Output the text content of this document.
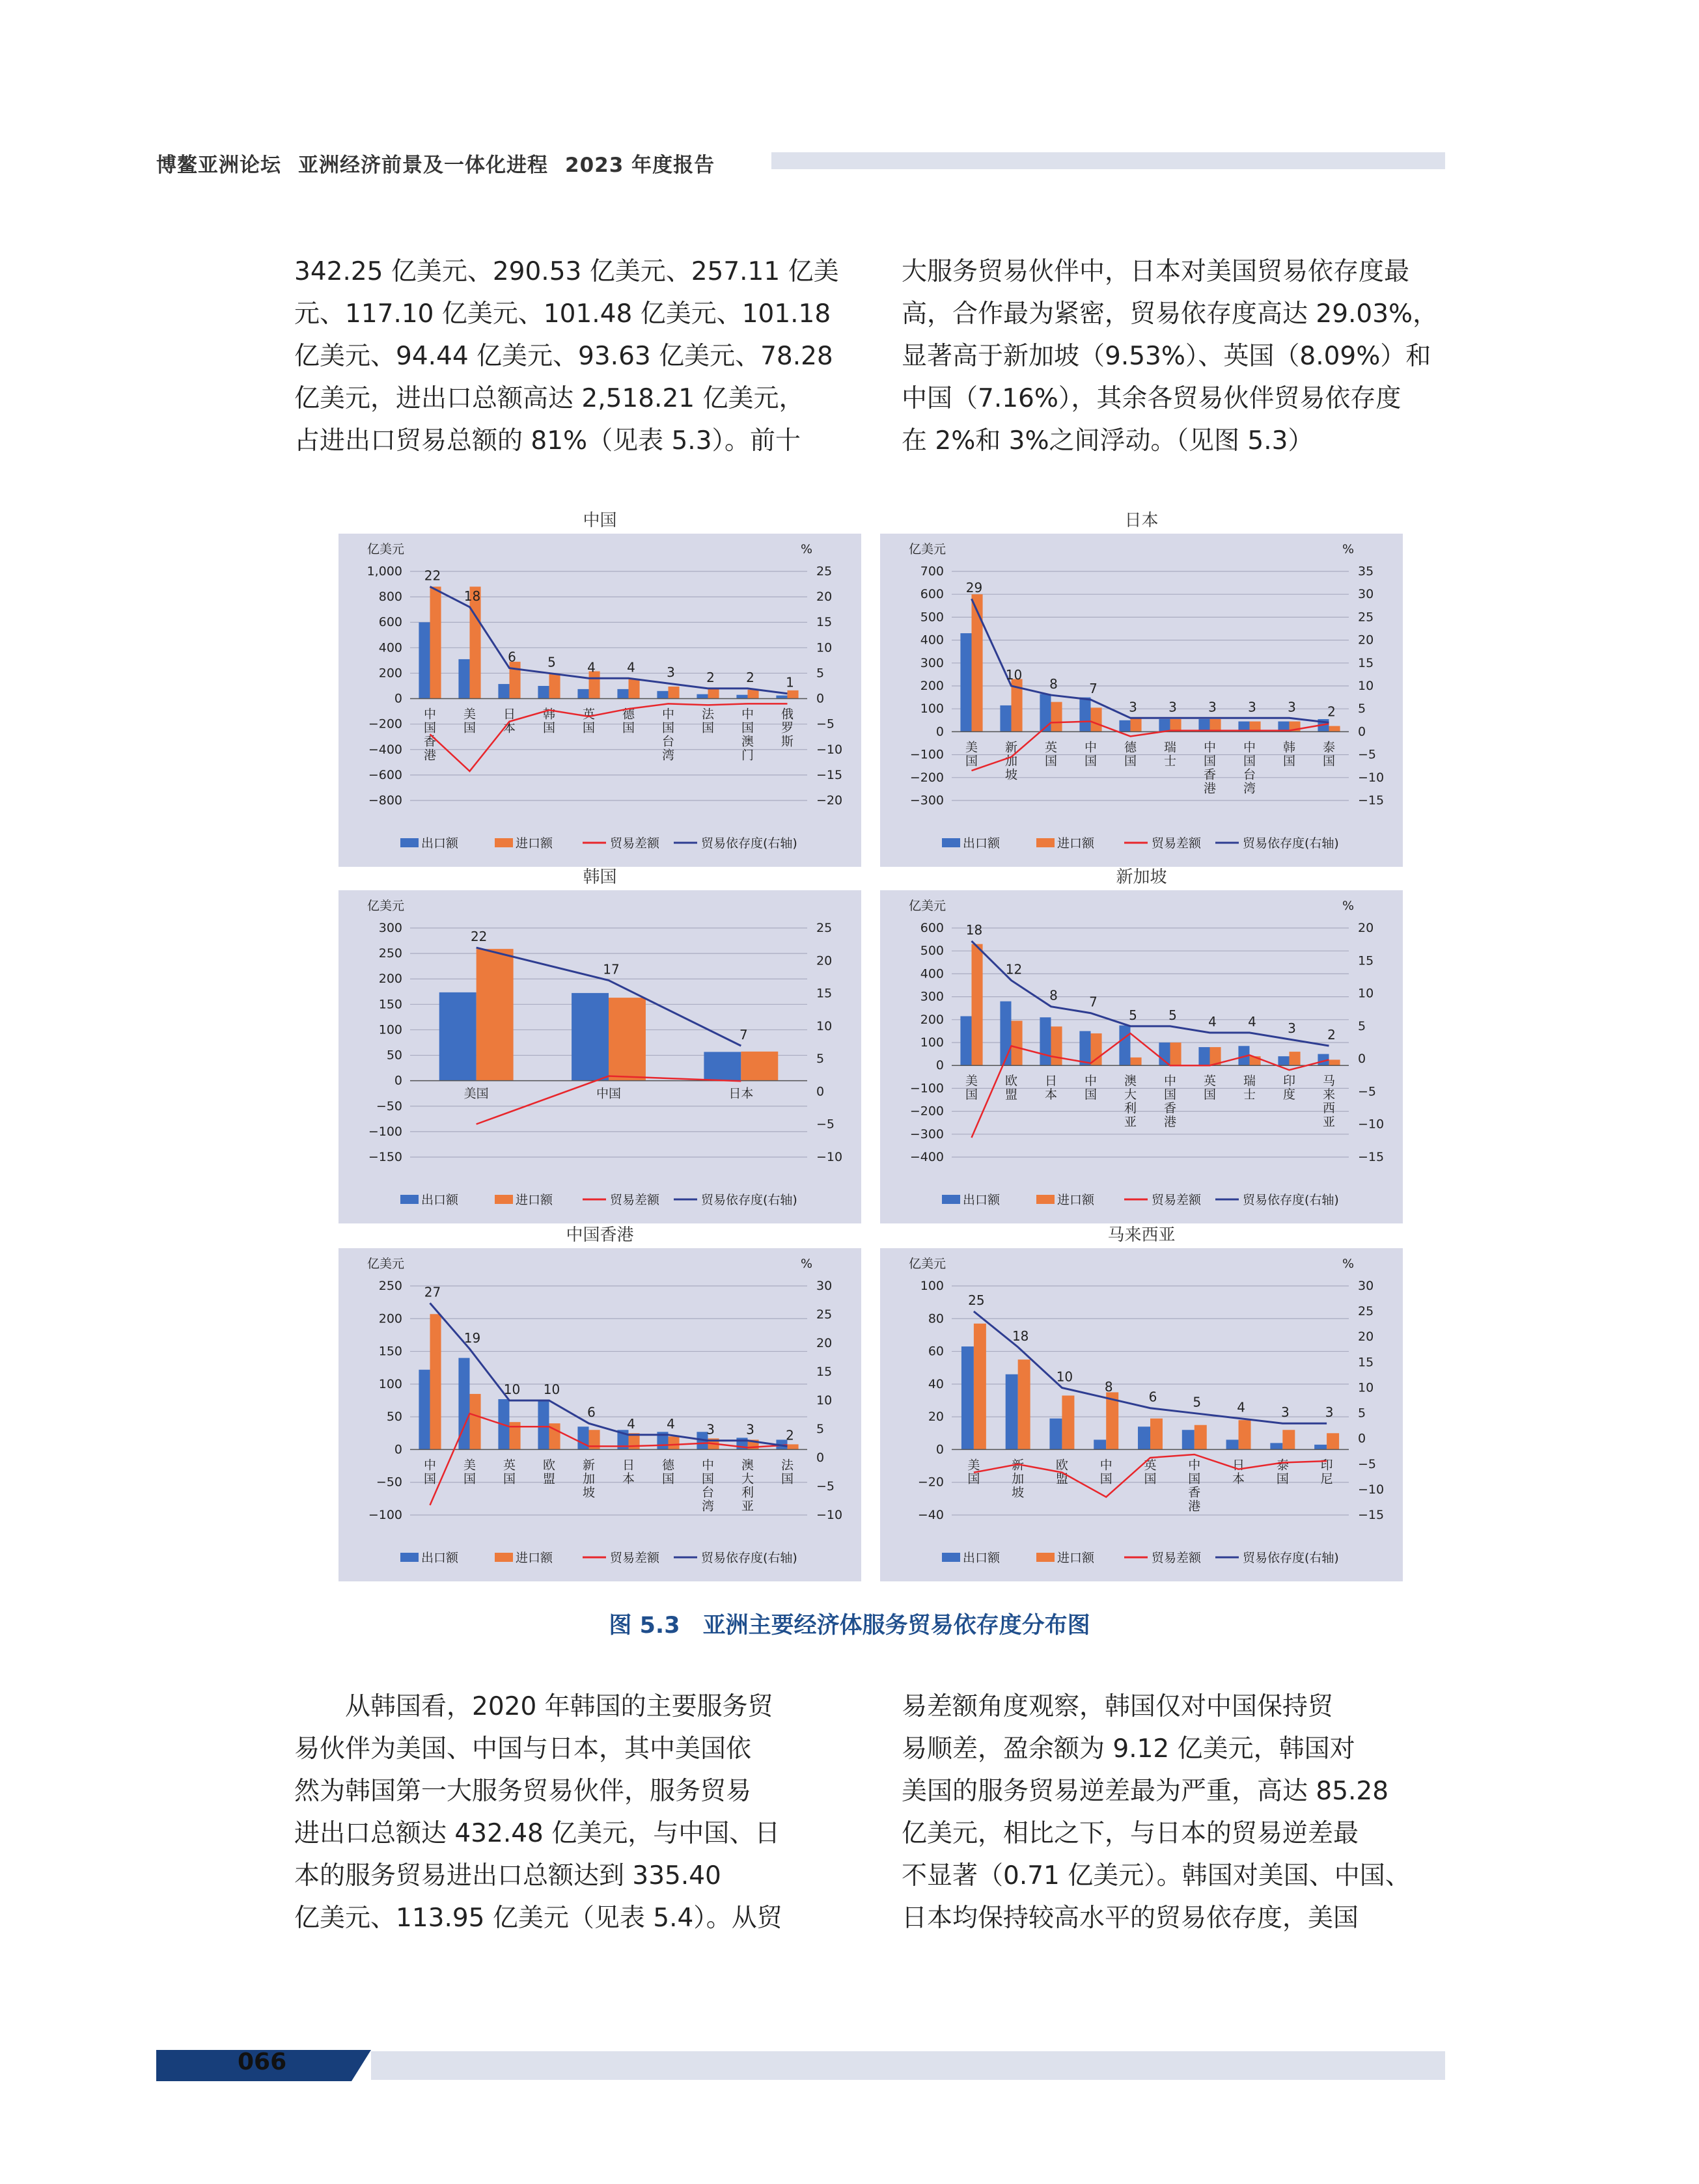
博鳌亚洲论坛 亚洲经济前景及一体化进程 2023 年度报告

342.25 亿美元、290.53 亿美元、257.11 亿美

元、117.10 亿美元、101.48 亿美元、101.18

亿美元、94.44 亿美元、93.63 亿美元、78.28

亿美元，进出口总额高达 2,518.21 亿美元，

占进出口贸易总额的 81%（见表 5.3）。前十

大服务贸易伙伴中，日本对美国贸易依存度最

高，合作最为紧密，贸易依存度高达 29.03%，

显著高于新加坡（9.53%）、英国（8.09%）和

中国（7.16%），其余各贸易伙伴贸易依存度

在 2%和 3%之间浮动。（见图 5.3）

中国
亿美元	%
−800
−600
−400
−200
0
200
400
600
800
1,000
−20
−15
−10
−5
0
5
10
15
20
25
中国香港
美国
日本
韩国
英国
德国
中国台湾
法国
中国澳门
俄罗斯
22
18
6 5 4 4 3 2 2 1
出口额	进口额	贸易差额	贸易依存度(右轴)
日本
亿美元	%
−300
−200
−100
0
100
200
300
400
500
600
700
−15
−10
−5
0
5
10
15
20
25
30
35
美国
新加坡
英国
中国
德国
瑞士
中国香港
中国台湾
韩国
泰国
29
10
8 7
3 3 3 3 3 2
出口额	进口额	贸易差额	贸易依存度(右轴)
韩国
亿美元
−150
−100
−50
0
50
100
150
200
250
300
−10
−5
0
5
10
15
20
25
美国	中国	日本
22
17
7
出口额	进口额	贸易差额	贸易依存度(右轴)
新加坡
亿美元	%
−400
−300
−200
−100
0
100
200
300
400
500
600
−15
−10
−5
0
5
10
15
20
美国
欧盟
日本
中国
澳大利亚
中国香港
英国
瑞士
印度
马来西亚
18
12
8 7
5 5 4 4 3 2
出口额	进口额	贸易差额	贸易依存度(右轴)
中国香港
亿美元	%
−100
−50
0
50
100
150
200
250
−10
−5
0
5
10
15
20
25
30
中国
美国
英国
欧盟
新加坡
日本
德国
中国台湾
澳大利亚
法国
27
19
10 10
6
4 4 3 3 2
出口额	进口额	贸易差额	贸易依存度(右轴)
马来西亚
亿美元	%
−40
−20
0
20
40
60
80
100
−15
−10
−5
0
5
10
15
20
25
30
美国
新加坡
欧盟
中国
英国
中国香港
日本
泰国
印尼
25
18
10
8
6	5	4	3	3
出口额	进口额	贸易差额	贸易依存度(右轴)
图 5.3　亚洲主要经济体服务贸易依存度分布图

从韩国看，2020 年韩国的主要服务贸

易伙伴为美国、中国与日本，其中美国依

然为韩国第一大服务贸易伙伴，服务贸易

进出口总额达 432.48 亿美元，与中国、日

本的服务贸易进出口总额达到 335.40

亿美元、113.95 亿美元（见表 5.4）。从贸

易差额角度观察，韩国仅对中国保持贸

易顺差，盈余额为 9.12 亿美元，韩国对

美国的服务贸易逆差最为严重，高达 85.28

亿美元，相比之下，与日本的贸易逆差最

不显著（0.71 亿美元）。韩国对美国、中国、

日本均保持较高水平的贸易依存度，美国

066
